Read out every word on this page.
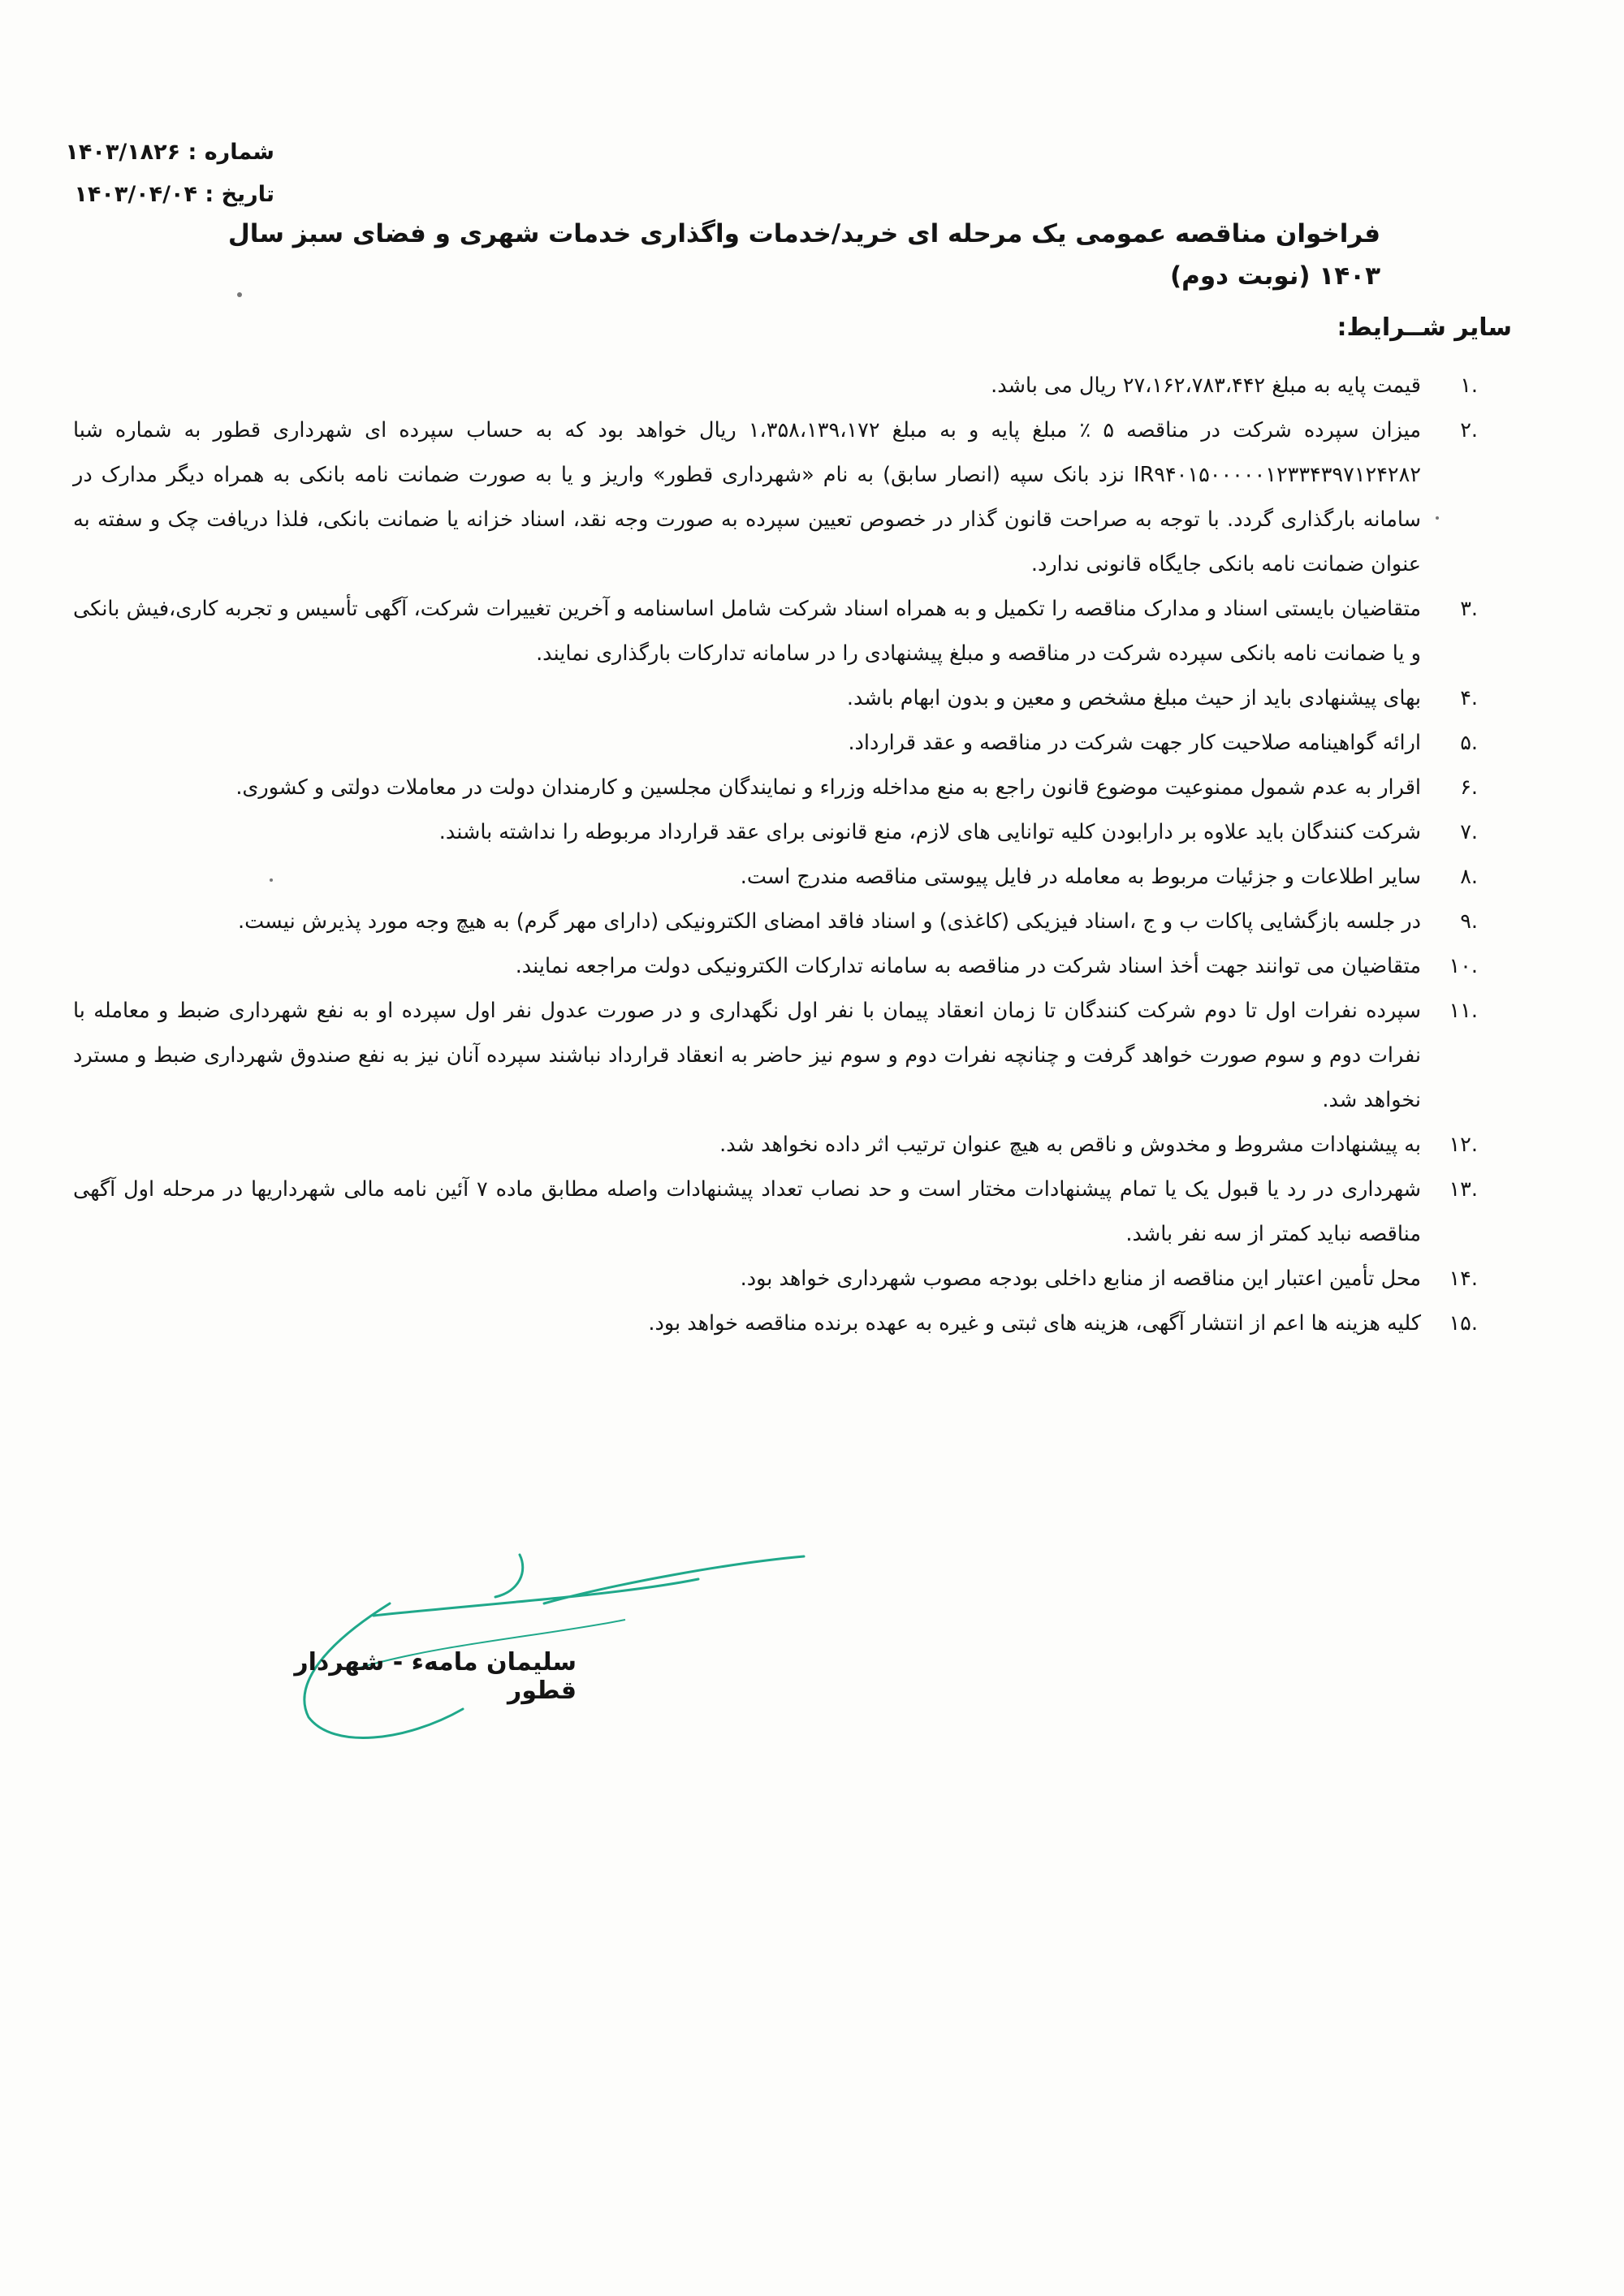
شماره : ۱۴۰۳/۱۸۲۶
تاریخ : ۱۴۰۳/۰۴/۰۴
فراخوان مناقصه عمومی یک مرحله ای خرید/خدمات واگذاری خدمات شهری و فضای سبز سال ۱۴۰۳ (نوبت دوم)
سایر شــرایط:
.۱
قیمت پایه به مبلغ ۲۷،۱۶۲،۷۸۳،۴۴۲ ریال می باشد.
.۲
میزان سپرده شرکت در مناقصه ۵ ٪ مبلغ پایه و به مبلغ ۱،۳۵۸،۱۳۹،۱۷۲ ریال خواهد بود که به حساب سپرده ای شهرداری قطور به شماره شبا IR۹۴۰۱۵۰۰۰۰۰۱۲۳۳۴۳۹۷۱۲۴۲۸۲ نزد بانک سپه (انصار سابق) به نام «شهرداری قطور» واریز و یا به صورت ضمانت نامه بانکی به همراه دیگر مدارک در سامانه بارگذاری گردد. با توجه به صراحت قانون گذار در خصوص تعیین سپرده به صورت وجه نقد، اسناد خزانه یا ضمانت بانکی، فلذا دریافت چک و سفته به عنوان ضمانت نامه بانکی جایگاه قانونی ندارد.
.۳
متقاضیان بایستی اسناد و مدارک مناقصه را تکمیل و به همراه اسناد شرکت شامل اساسنامه و آخرین تغییرات شرکت، آگهی تأسیس و تجربه کاری،فیش بانکی و یا ضمانت نامه بانکی سپرده شرکت در مناقصه و مبلغ پیشنهادی را در سامانه تدارکات بارگذاری نمایند.
.۴
بهای پیشنهادی باید از حیث مبلغ مشخص و معین و بدون ابهام باشد.
.۵
ارائه گواهینامه صلاحیت کار جهت شرکت در مناقصه و عقد قرارداد.
.۶
اقرار به عدم شمول ممنوعیت موضوع قانون راجع به منع مداخله وزراء و نمایندگان مجلسین و کارمندان دولت در معاملات دولتی و کشوری.
.۷
شرکت کنندگان باید علاوه بر دارابودن کلیه توانایی های لازم، منع قانونی برای عقد قرارداد مربوطه را نداشته باشند.
.۸
سایر اطلاعات و جزئیات مربوط به معامله در فایل پیوستی مناقصه مندرج است.
.۹
در جلسه بازگشایی پاکات ب و ج ،اسناد فیزیکی (کاغذی) و اسناد فاقد امضای الکترونیکی (دارای مهر گرم) به هیچ وجه مورد پذیرش نیست.
.۱۰
متقاضیان می توانند جهت أخذ اسناد شرکت در مناقصه به سامانه تدارکات الکترونیکی دولت مراجعه نمایند.
.۱۱
سپرده نفرات اول تا دوم شرکت کنندگان تا زمان انعقاد پیمان با نفر اول نگهداری و در صورت عدول نفر اول سپرده او به نفع شهرداری ضبط و معامله با نفرات دوم و سوم صورت خواهد گرفت و چنانچه نفرات دوم و سوم نیز حاضر به انعقاد قرارداد نباشند سپرده آنان نیز به نفع صندوق شهرداری ضبط و مسترد نخواهد شد.
.۱۲
به پیشنهادات مشروط و مخدوش و ناقص به هیچ عنوان ترتیب اثر داده نخواهد شد.
.۱۳
شهرداری در رد یا قبول یک یا تمام پیشنهادات مختار است و حد نصاب تعداد پیشنهادات واصله مطابق ماده ۷ آئین نامه مالی شهرداریها در مرحله اول آگهی مناقصه نباید کمتر از سه نفر باشد.
.۱۴
محل تأمین اعتبار این مناقصه از منابع داخلی بودجه مصوب شهرداری خواهد بود.
.۱۵
کلیه هزینه ها اعم از انتشار آگهی، هزینه های ثبتی و غیره به عهده برنده مناقصه خواهد بود.
سلیمان مامهء - شهردار قطور
